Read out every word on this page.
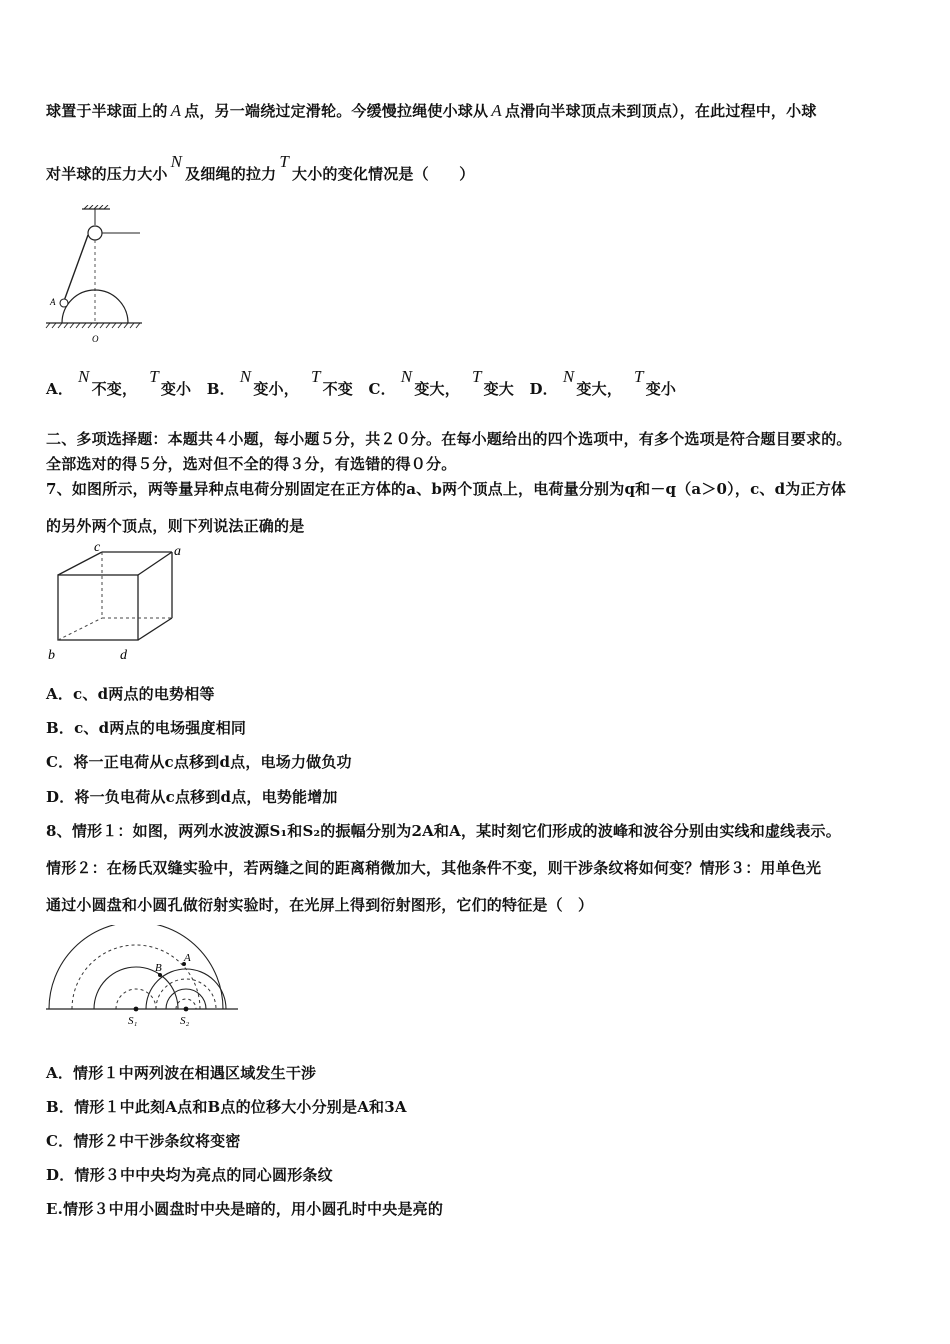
球置于半球面上的 A 点，另一端绕过定滑轮。今缓慢拉绳使小球从 A 点滑向半球顶点未到顶点），在此过程中，小球
对半球的压力大小N及细绳的拉力T大小的变化情况是（　　）
A
O
A．N不变，T变小 B．N变小，T不变 C．N变大，T变大 D．N变大，T变小
二、多项选择题：本题共４小题，每小题５分，共２０分。在每小题给出的四个选项中，有多个选项是符合题目要求的。
全部选对的得５分，选对但不全的得３分，有选错的得０分。
7、如图所示，两等量异种点电荷分别固定在正方体的a、b两个顶点上，电荷量分别为q和－q（a＞0），c、d为正方体
的另外两个顶点，则下列说法正确的是
c	a
b	d
A．c、d两点的电势相等
B．c、d两点的电场强度相同
C．将一正电荷从c点移到d点，电场力做负功
D．将一负电荷从c点移到d点，电势能增加
8、情形１：如图，两列水波波源S₁和S₂的振幅分别为2A和A，某时刻它们形成的波峰和波谷分别由实线和虚线表示。
情形２：在杨氏双缝实验中，若两缝之间的距离稍微加大，其他条件不变，则干涉条纹将如何变？情形３：用单色光
通过小圆盘和小圆孔做衍射实验时，在光屏上得到衍射图形，它们的特征是（　）
A
B
S₁	S₂
A．情形１中两列波在相遇区域发生干涉
B．情形１中此刻A点和B点的位移大小分别是A和3A
C．情形２中干涉条纹将变密
D．情形３中中央均为亮点的同心圆形条纹
E.情形３中用小圆盘时中央是暗的，用小圆孔时中央是亮的
